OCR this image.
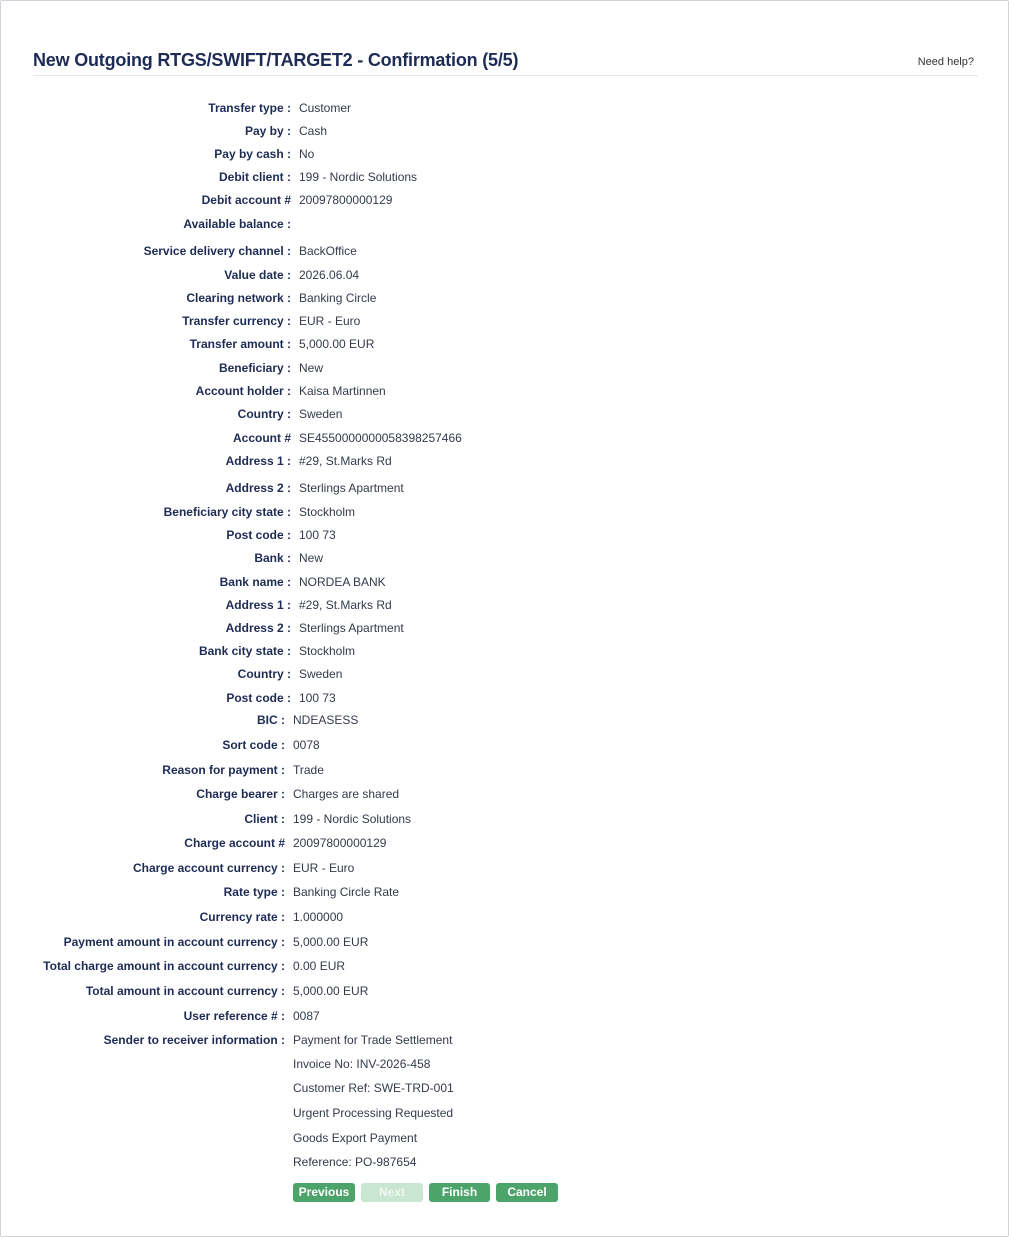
New Outgoing RTGS/SWIFT/TARGET2 - Confirmation (5/5)	Need help?
Transfer type : Customer
Pay by : Cash
Pay by cash : No
Debit client : 199 - Nordic Solutions
Debit account # 20097800000129
Available balance :
Service delivery channel : BackOffice
Value date : 2026.06.04
Clearing network : Banking Circle
Transfer currency : EUR - Euro
Transfer amount : 5,000.00 EUR
Beneficiary : New
Account holder : Kaisa Martinnen
Country : Sweden
Account # SE4550000000058398257466
Address 1 : #29, St.Marks Rd
Address 2 : Sterlings Apartment
Beneficiary city state : Stockholm
Post code : 100 73
Bank : New
Bank name : NORDEA BANK
Address 1 : #29, St.Marks Rd
Address 2 : Sterlings Apartment
Bank city state : Stockholm
Country : Sweden
Post code : 100 73
BIC : NDEASESS
Sort code : 0078
Reason for payment : Trade
Charge bearer : Charges are shared
Client : 199 - Nordic Solutions
Charge account # 20097800000129
Charge account currency : EUR - Euro
Rate type : Banking Circle Rate
Currency rate : 1.000000
Payment amount in account currency : 5,000.00 EUR
Total charge amount in account currency : 0.00 EUR
Total amount in account currency : 5,000.00 EUR
User reference # : 0087
Sender to receiver information : Payment for Trade Settlement
Invoice No: INV-2026-458
Customer Ref: SWE-TRD-001
Urgent Processing Requested
Goods Export Payment
Reference: PO-987654
Previous	Next	Finish	Cancel
